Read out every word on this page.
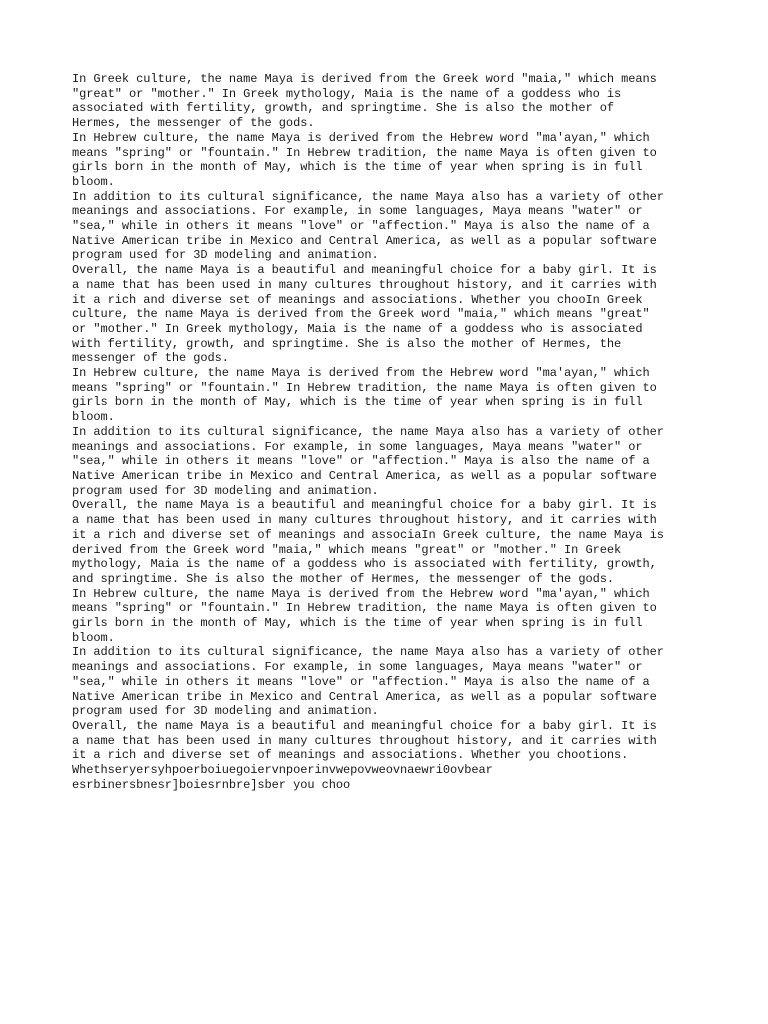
In Greek culture, the name Maya is derived from the Greek word "maia," which means
"great" or "mother." In Greek mythology, Maia is the name of a goddess who is
associated with fertility, growth, and springtime. She is also the mother of
Hermes, the messenger of the gods.
In Hebrew culture, the name Maya is derived from the Hebrew word "ma'ayan," which
means "spring" or "fountain." In Hebrew tradition, the name Maya is often given to
girls born in the month of May, which is the time of year when spring is in full
bloom.
In addition to its cultural significance, the name Maya also has a variety of other
meanings and associations. For example, in some languages, Maya means "water" or
"sea," while in others it means "love" or "affection." Maya is also the name of a
Native American tribe in Mexico and Central America, as well as a popular software
program used for 3D modeling and animation.
Overall, the name Maya is a beautiful and meaningful choice for a baby girl. It is
a name that has been used in many cultures throughout history, and it carries with
it a rich and diverse set of meanings and associations. Whether you chooIn Greek
culture, the name Maya is derived from the Greek word "maia," which means "great"
or "mother." In Greek mythology, Maia is the name of a goddess who is associated
with fertility, growth, and springtime. She is also the mother of Hermes, the
messenger of the gods.
In Hebrew culture, the name Maya is derived from the Hebrew word "ma'ayan," which
means "spring" or "fountain." In Hebrew tradition, the name Maya is often given to
girls born in the month of May, which is the time of year when spring is in full
bloom.
In addition to its cultural significance, the name Maya also has a variety of other
meanings and associations. For example, in some languages, Maya means "water" or
"sea," while in others it means "love" or "affection." Maya is also the name of a
Native American tribe in Mexico and Central America, as well as a popular software
program used for 3D modeling and animation.
Overall, the name Maya is a beautiful and meaningful choice for a baby girl. It is
a name that has been used in many cultures throughout history, and it carries with
it a rich and diverse set of meanings and associaIn Greek culture, the name Maya is
derived from the Greek word "maia," which means "great" or "mother." In Greek
mythology, Maia is the name of a goddess who is associated with fertility, growth,
and springtime. She is also the mother of Hermes, the messenger of the gods.
In Hebrew culture, the name Maya is derived from the Hebrew word "ma'ayan," which
means "spring" or "fountain." In Hebrew tradition, the name Maya is often given to
girls born in the month of May, which is the time of year when spring is in full
bloom.
In addition to its cultural significance, the name Maya also has a variety of other
meanings and associations. For example, in some languages, Maya means "water" or
"sea," while in others it means "love" or "affection." Maya is also the name of a
Native American tribe in Mexico and Central America, as well as a popular software
program used for 3D modeling and animation.
Overall, the name Maya is a beautiful and meaningful choice for a baby girl. It is
a name that has been used in many cultures throughout history, and it carries with
it a rich and diverse set of meanings and associations. Whether you chootions.
Whethseryersyhpoerboiuegoiervnpoerinvwepovweovnaewri0ovbear
esrbinersbnesr]boiesrnbre]sber you choo
